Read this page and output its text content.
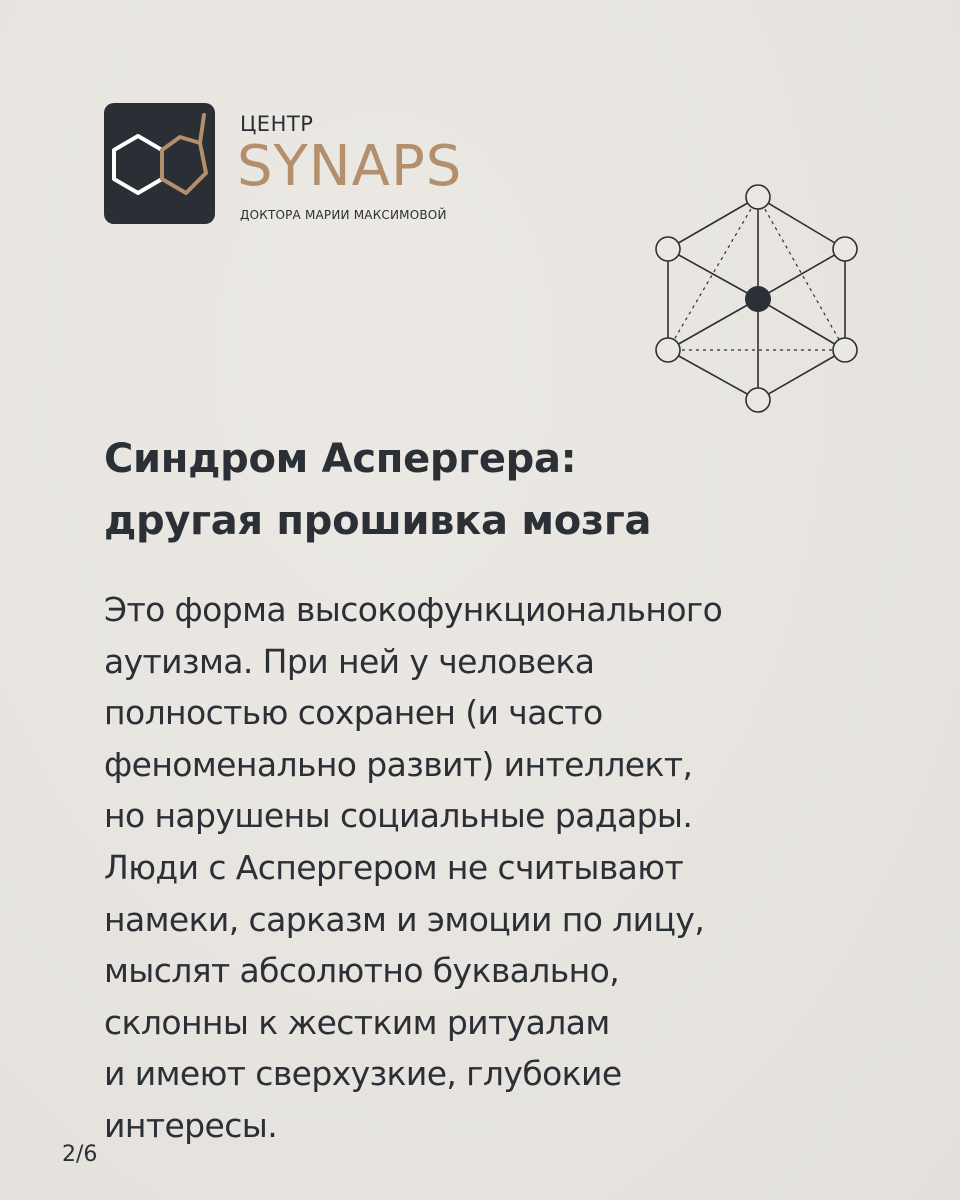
ЦЕНТР
SYNAPS
ДОКТОРА МАРИИ МАКСИМОВОЙ
Синдром Аспергера:
другая прошивка мозга
Это форма высокофункционального
аутизма. При ней у человека
полностью сохранен (и часто
феноменально развит) интеллект,
но нарушены социальные радары.
Люди с Аспергером не считывают
намеки, сарказм и эмоции по лицу,
мыслят абсолютно буквально,
склонны к жестким ритуалам
и имеют сверхузкие, глубокие
интересы.
2/6
